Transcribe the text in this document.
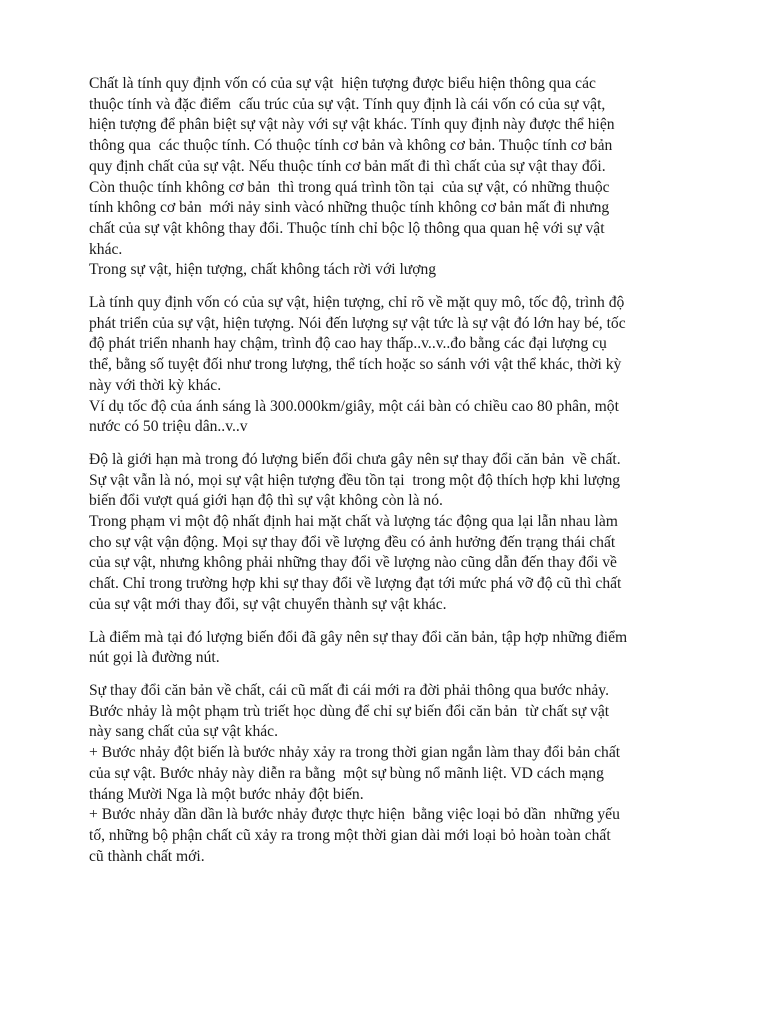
Chất là tính quy định vốn có của sự vật  hiện tượng được biểu hiện thông qua các
thuộc tính và đặc điểm  cấu trúc của sự vật. Tính quy định là cái vốn có của sự vật,
hiện tượng để phân biệt sự vật này với sự vật khác. Tính quy định này được thể hiện
thông qua  các thuộc tính. Có thuộc tính cơ bản và không cơ bản. Thuộc tính cơ bản
quy định chất của sự vật. Nếu thuộc tính cơ bản mất đi thì chất của sự vật thay đổi.
Còn thuộc tính không cơ bản  thì trong quá trình tồn tại  của sự vật, có những thuộc
tính không cơ bản  mới nảy sinh vàcó những thuộc tính không cơ bản mất đi nhưng
chất của sự vật không thay đổi. Thuộc tính chỉ bộc lộ thông qua quan hệ với sự vật
khác.
Trong sự vật, hiện tượng, chất không tách rời với lượng

Là tính quy định vốn có của sự vật, hiện tượng, chỉ rõ về mặt quy mô, tốc độ, trình độ
phát triển của sự vật, hiện tượng. Nói đến lượng sự vật tức là sự vật đó lớn hay bé, tốc
độ phát triển nhanh hay chậm, trình độ cao hay thấp..v..v..đo bằng các đại lượng cụ
thể, bằng số tuyệt đối như trong lượng, thể tích hoặc so sánh với vật thể khác, thời kỳ
này với thời kỳ khác.
Ví dụ tốc độ của ánh sáng là 300.000km/giây, một cái bàn có chiều cao 80 phân, một
nước có 50 triệu dân..v..v

Độ là giới hạn mà trong đó lượng biến đổi chưa gây nên sự thay đổi căn bản  về chất.
Sự vật vẫn là nó, mọi sự vật hiện tượng đều tồn tại  trong một độ thích hợp khi lượng
biến đổi vượt quá giới hạn độ thì sự vật không còn là nó.
Trong phạm vi một độ nhất định hai mặt chất và lượng tác động qua lại lẫn nhau làm
cho sự vật vận động. Mọi sự thay đổi về lượng đều có ảnh hưởng đến trạng thái chất
của sự vật, nhưng không phải những thay đổi về lượng nào cũng dẫn đến thay đổi về
chất. Chỉ trong trường hợp khi sự thay đổi về lượng đạt tới mức phá vỡ độ cũ thì chất
của sự vật mới thay đổi, sự vật chuyển thành sự vật khác.

Là điểm mà tại đó lượng biến đổi đã gây nên sự thay đổi căn bản, tập hợp những điểm
nút gọi là đường nút.

Sự thay đổi căn bản về chất, cái cũ mất đi cái mới ra đời phải thông qua bước nhảy.
Bước nhảy là một phạm trù triết học dùng để chỉ sự biến đổi căn bản  từ chất sự vật
này sang chất của sự vật khác.
+ Bước nhảy đột biến là bước nhảy xảy ra trong thời gian ngắn làm thay đổi bản chất
của sự vật. Bước nhảy này diễn ra bằng  một sự bùng nổ mãnh liệt. VD cách mạng
tháng Mười Nga là một bước nhảy đột biến.
+ Bước nhảy dần dần là bước nhảy được thực hiện  bằng việc loại bỏ dần  những yếu
tố, những bộ phận chất cũ xảy ra trong một thời gian dài mới loại bỏ hoàn toàn chất
cũ thành chất mới.
